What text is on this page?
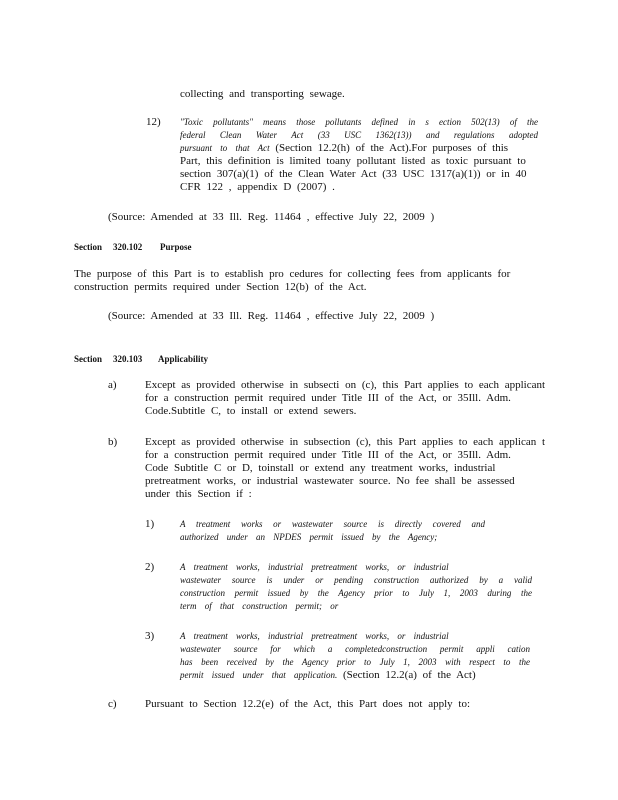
collecting and transporting sewage.
12) "Toxic pollutants" means those pollutants defined in s ection 502(13) of the
federal Clean Water Act (33 USC 1362(13)) and regulations adopted
pursuant to that Act (Section 12.2(h) of the Act).For purposes of this
Part, this definition is limited toany pollutant listed as toxic pursuant to
section 307(a)(1) of the Clean Water Act (33 USC 1317(a)(1)) or in 40
CFR 122 , appendix D (2007) .
(Source: Amended at 33 Ill. Reg. 11464 , effective July 22, 2009 )
Section 320.102 Purpose
The purpose of this Part is to establish pro cedures for collecting fees from applicants for
construction permits required under Section 12(b) of the Act.
(Source: Amended at 33 Ill. Reg. 11464 , effective July 22, 2009 )
Section 320.103 Applicability
a)	Except as provided otherwise in subsecti on (c), this Part applies to each applicant
for a construction permit required under Title III of the Act, or 35Ill. Adm.
Code.Subtitle C, to install or extend sewers.
b)	Except as provided otherwise in subsection (c), this Part applies to each applican t
for a construction permit required under Title III of the Act, or 35Ill. Adm.
Code Subtitle C or D, toinstall or extend any treatment works, industrial
pretreatment works, or industrial wastewater source. No fee shall be assessed
under this Section if :
1)	A treatment works or wastewater source is directly covered and
authorized under an NPDES permit issued by the Agency;
2)	A treatment works, industrial pretreatment works, or industrial
wastewater source is under or pending construction authorized by a valid
construction permit issued by the Agency prior to July 1, 2003 during the
term of that construction permit; or
3)	A treatment works, industrial pretreatment works, or industrial
wastewater source for which a completedconstruction permit appli cation
has been received by the Agency prior to July 1, 2003 with respect to the
permit issued under that application. (Section 12.2(a) of the Act)
c)	Pursuant to Section 12.2(e) of the Act, this Part does not apply to:
